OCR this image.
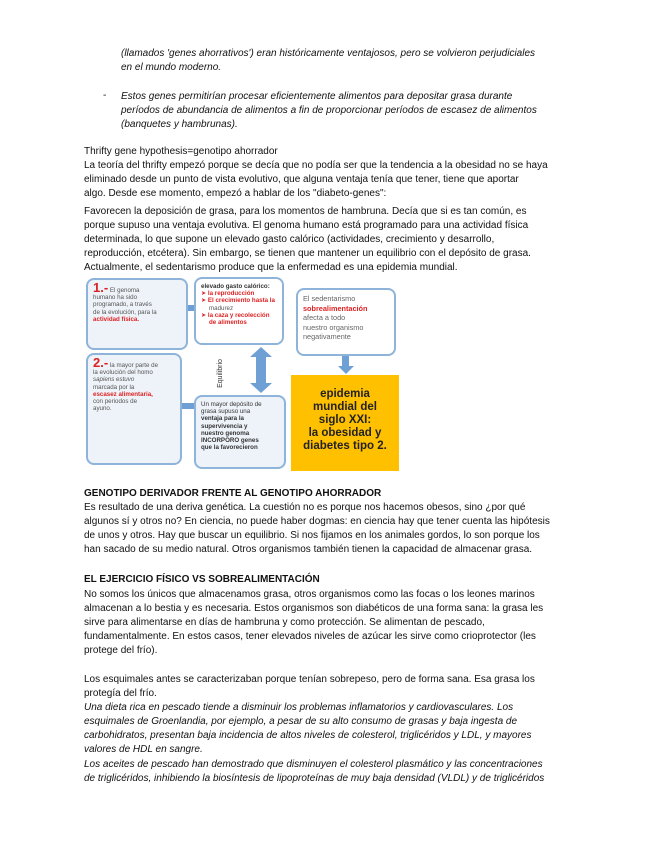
(llamados 'genes ahorrativos') eran históricamente ventajosos, pero se volvieron perjudiciales
en el mundo moderno.
- Estos genes permitirían procesar eficientemente alimentos para depositar grasa durante
períodos de abundancia de alimentos a fin de proporcionar períodos de escasez de alimentos
(banquetes y hambrunas).
Thrifty gene hypothesis=genotipo ahorrador
La teoría del thrifty empezó porque se decía que no podía ser que la tendencia a la obesidad no se haya
eliminado desde un punto de vista evolutivo, que alguna ventaja tenía que tener, tiene que aportar
algo. Desde ese momento, empezó a hablar de los "diabeto-genes":
Favorecen la deposición de grasa, para los momentos de hambruna. Decía que si es tan común, es
porque supuso una ventaja evolutiva. El genoma humano está programado para una actividad física
determinada, lo que supone un elevado gasto calórico (actividades, crecimiento y desarrollo,
reproducción, etcétera). Sin embargo, se tienen que mantener un equilibrio con el depósito de grasa.
Actualmente, el sedentarismo produce que la enfermedad es una epidemia mundial.
1.- El genoma
humano ha sido
programado, a través
de la evolución, para la
actividad física.
elevado gasto calórico:
➤ la reproducción
➤ El crecimiento hasta la
madurez
➤ la caza y recolección
de alimentos
2.- la mayor parte de
la evolución del homo
sapiens estuvo
marcada por la
escasez alimentaria,
con periodos de
ayuno.
Equilibrio
Un mayor depósito de
grasa supuso una
ventaja para la
supervivencia y
nuestro genoma
INCORPORO genes
que la favorecieron
El sedentarismo
sobrealimentación
afecta a todo
nuestro organismo
negativamente
epidemia
mundial del
siglo XXI:
la obesidad y
diabetes tipo 2.
GENOTIPO DERIVADOR FRENTE AL GENOTIPO AHORRADOR
Es resultado de una deriva genética. La cuestión no es porque nos hacemos obesos, sino ¿por qué
algunos sí y otros no? En ciencia, no puede haber dogmas: en ciencia hay que tener cuenta las hipótesis
de unos y otros. Hay que buscar un equilibrio. Si nos fijamos en los animales gordos, lo son porque los
han sacado de su medio natural. Otros organismos también tienen la capacidad de almacenar grasa.
EL EJERCICIO FÍSICO VS SOBREALIMENTACIÓN
No somos los únicos que almacenamos grasa, otros organismos como las focas o los leones marinos
almacenan a lo bestia y es necesaria. Estos organismos son diabéticos de una forma sana: la grasa les
sirve para alimentarse en días de hambruna y como protección. Se alimentan de pescado,
fundamentalmente. En estos casos, tener elevados niveles de azúcar les sirve como crioprotector (les
protege del frío).
Los esquimales antes se caracterizaban porque tenían sobrepeso, pero de forma sana. Esa grasa los
protegía del frío.
Una dieta rica en pescado tiende a disminuir los problemas inflamatorios y cardiovasculares. Los
esquimales de Groenlandia, por ejemplo, a pesar de su alto consumo de grasas y baja ingesta de
carbohidratos, presentan baja incidencia de altos niveles de colesterol, triglicéridos y LDL, y mayores
valores de HDL en sangre.
Los aceites de pescado han demostrado que disminuyen el colesterol plasmático y las concentraciones
de triglicéridos, inhibiendo la biosíntesis de lipoproteínas de muy baja densidad (VLDL) y de triglicéridos
